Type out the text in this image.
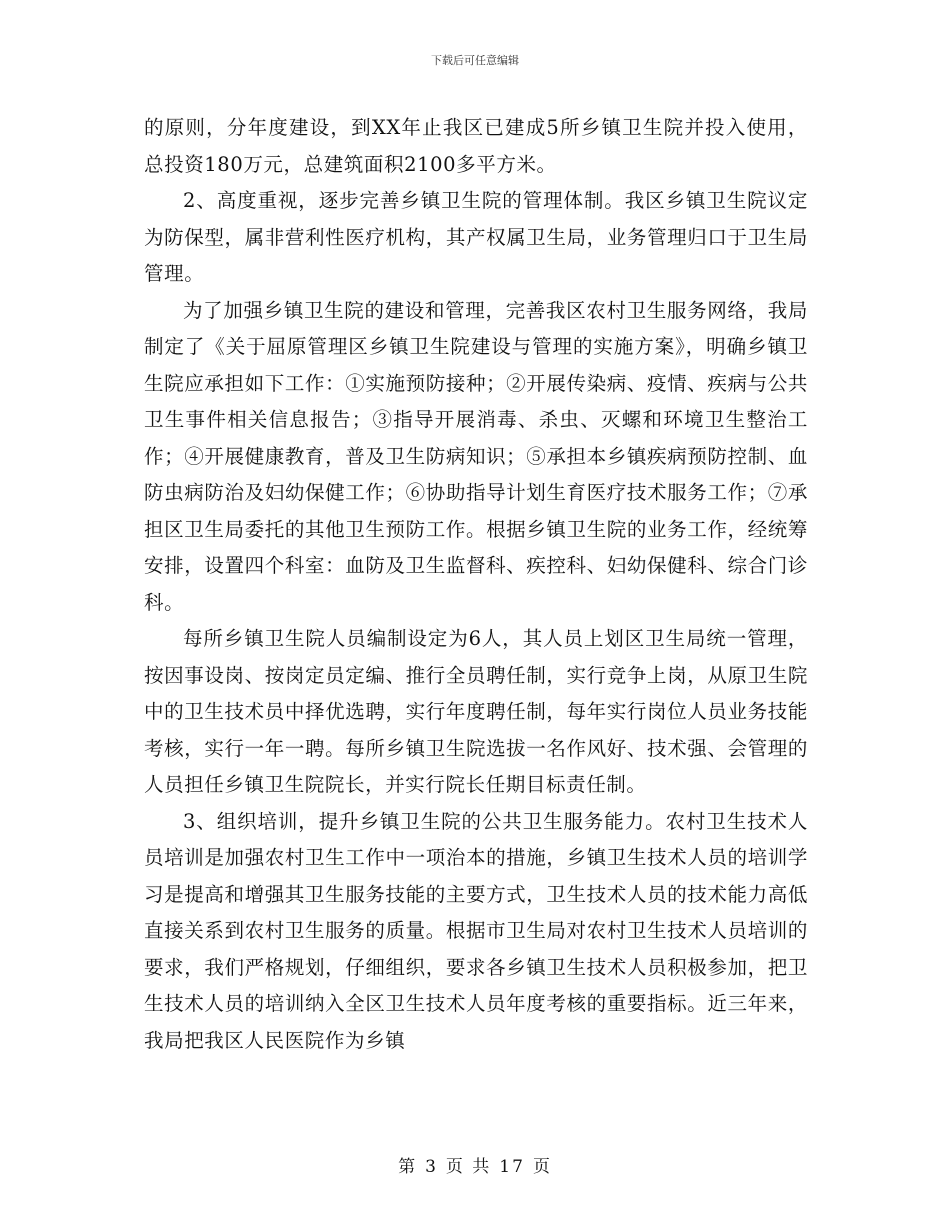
下载后可任意编辑

的原则，分年度建设，到XX年止我区已建成5所乡镇卫生院并投入使用，总投资180万元，总建筑面积2100多平方米。

2、高度重视，逐步完善乡镇卫生院的管理体制。我区乡镇卫生院议定为防保型，属非营利性医疗机构，其产权属卫生局，业务管理归口于卫生局管理。

为了加强乡镇卫生院的建设和管理，完善我区农村卫生服务网络，我局制定了《关于屈原管理区乡镇卫生院建设与管理的实施方案》，明确乡镇卫生院应承担如下工作：①实施预防接种；②开展传染病、疫情、疾病与公共卫生事件相关信息报告；③指导开展消毒、杀虫、灭螺和环境卫生整治工作；④开展健康教育，普及卫生防病知识；⑤承担本乡镇疾病预防控制、血防虫病防治及妇幼保健工作；⑥协助指导计划生育医疗技术服务工作；⑦承担区卫生局委托的其他卫生预防工作。根据乡镇卫生院的业务工作，经统筹安排，设置四个科室：血防及卫生监督科、疾控科、妇幼保健科、综合门诊科。

每所乡镇卫生院人员编制设定为6人，其人员上划区卫生局统一管理，按因事设岗、按岗定员定编、推行全员聘任制，实行竞争上岗，从原卫生院中的卫生技术员中择优选聘，实行年度聘任制，每年实行岗位人员业务技能考核，实行一年一聘。每所乡镇卫生院选拔一名作风好、技术强、会管理的人员担任乡镇卫生院院长，并实行院长任期目标责任制。

3、组织培训，提升乡镇卫生院的公共卫生服务能力。农村卫生技术人员培训是加强农村卫生工作中一项治本的措施，乡镇卫生技术人员的培训学习是提高和增强其卫生服务技能的主要方式，卫生技术人员的技术能力高低直接关系到农村卫生服务的质量。根据市卫生局对农村卫生技术人员培训的要求，我们严格规划，仔细组织，要求各乡镇卫生技术人员积极参加，把卫生技术人员的培训纳入全区卫生技术人员年度考核的重要指标。近三年来，我局把我区人民医院作为乡镇

第 3 页 共 17 页
